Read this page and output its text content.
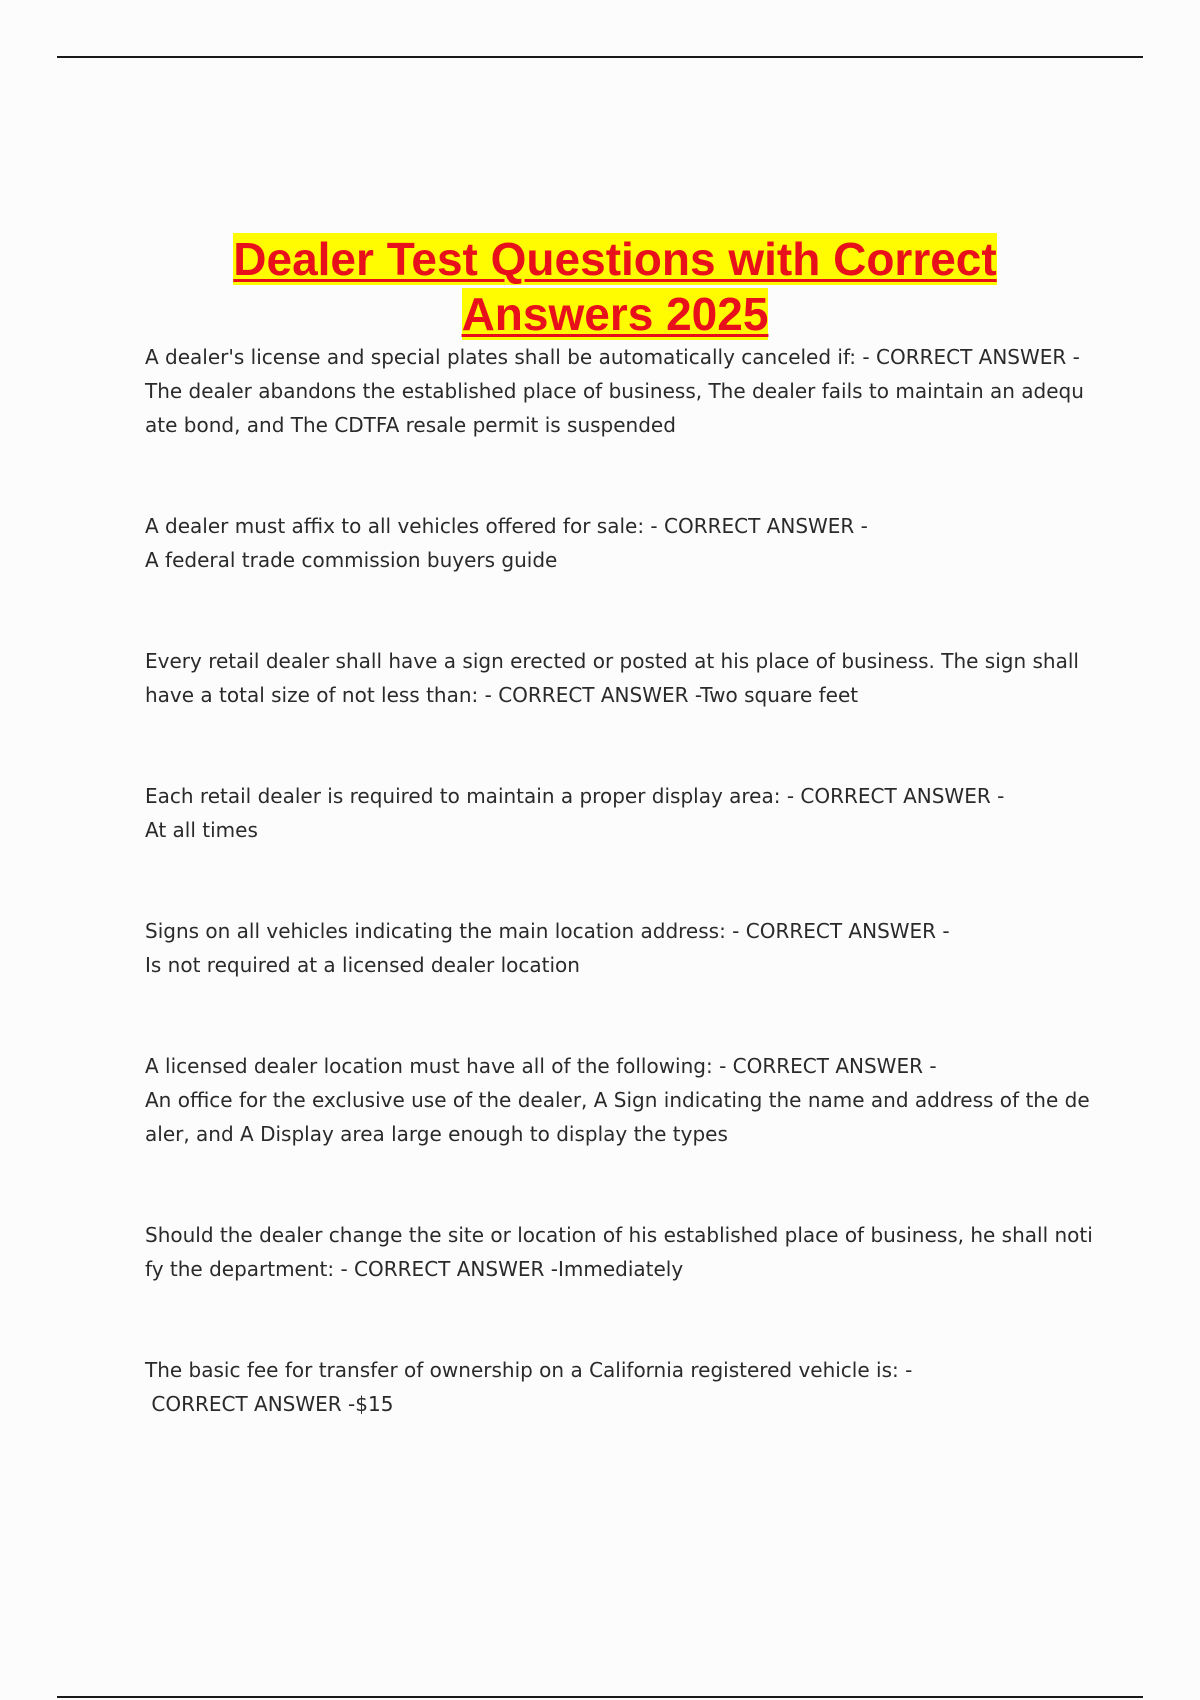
Dealer Test Questions with Correct Answers 2025

A dealer's license and special plates shall be automatically canceled if: - CORRECT ANSWER -
The dealer abandons the established place of business, The dealer fails to maintain an adequate bond, and The CDTFA resale permit is suspended

A dealer must affix to all vehicles offered for sale: - CORRECT ANSWER -
A federal trade commission buyers guide

Every retail dealer shall have a sign erected or posted at his place of business. The sign shall have a total size of not less than: - CORRECT ANSWER -Two square feet

Each retail dealer is required to maintain a proper display area: - CORRECT ANSWER -
At all times

Signs on all vehicles indicating the main location address: - CORRECT ANSWER -
Is not required at a licensed dealer location

A licensed dealer location must have all of the following: - CORRECT ANSWER -
An office for the exclusive use of the dealer, A Sign indicating the name and address of the dealer, and A Display area large enough to display the types

Should the dealer change the site or location of his established place of business, he shall notify the department: - CORRECT ANSWER -Immediately

The basic fee for transfer of ownership on a California registered vehicle is: -
CORRECT ANSWER -$15
